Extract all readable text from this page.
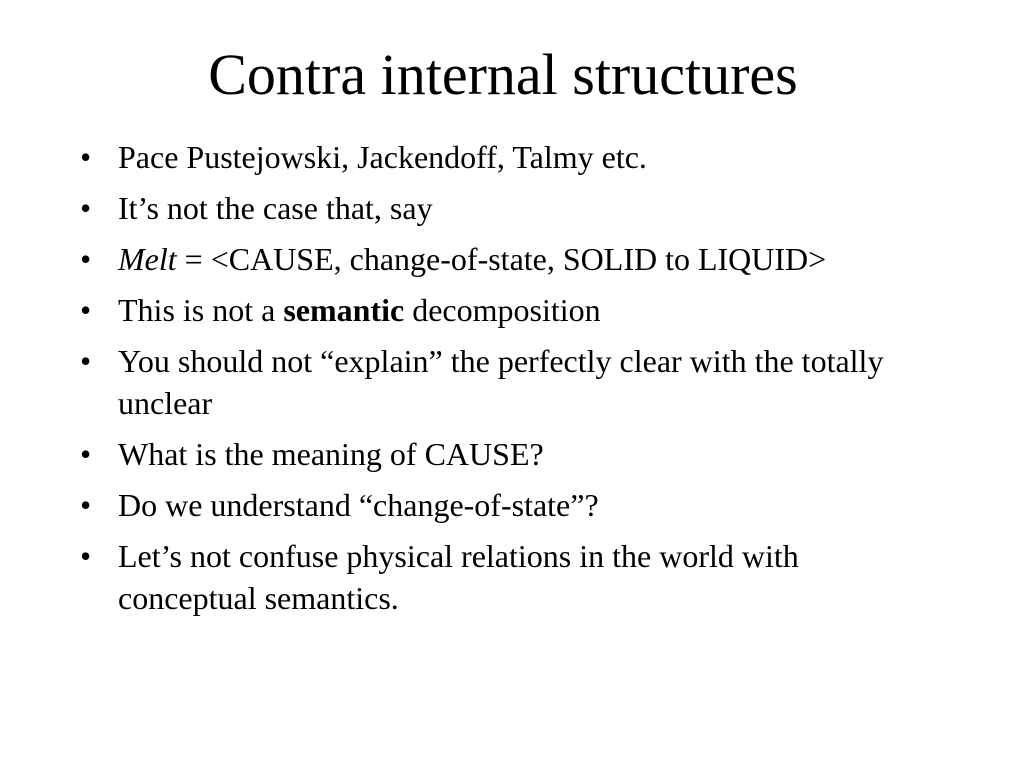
Contra internal structures
• Pace Pustejowski, Jackendoff, Talmy etc.
• It’s not the case that, say
• Melt = <CAUSE, change-of-state, SOLID to LIQUID>
• This is not a semantic decomposition
• You should not “explain” the perfectly clear with the totally unclear
• What is the meaning of CAUSE?
• Do we understand “change-of-state”?
• Let’s not confuse physical relations in the world with conceptual semantics.
